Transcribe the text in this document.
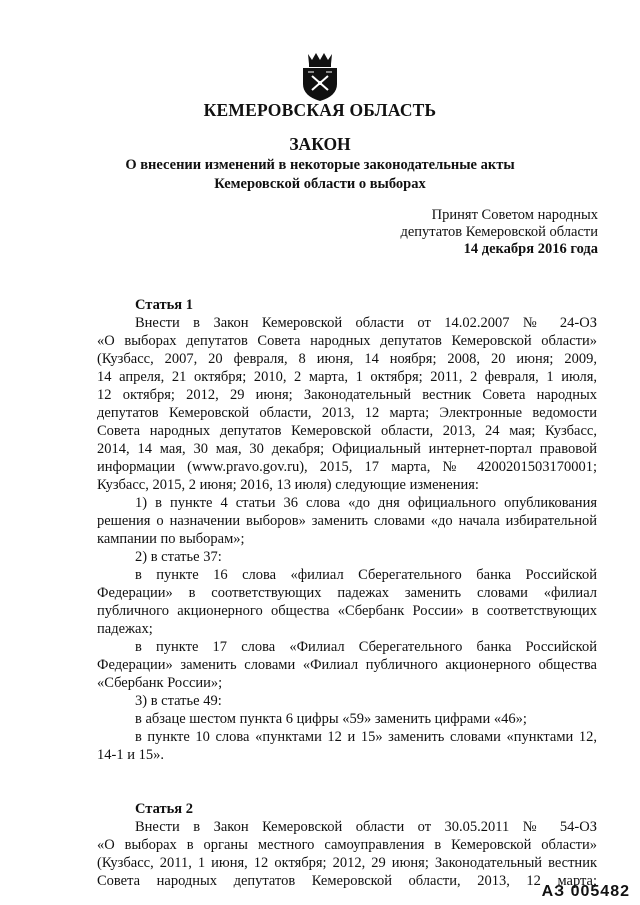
КЕМЕРОВСКАЯ ОБЛАСТЬ
ЗАКОН
О внесении изменений в некоторые законодательные акты
Кемеровской области о выборах
Принят Советом народных
депутатов Кемеровской области
14 декабря 2016 года
Статья 1
Внести в Закон Кемеровской области от 14.02.2007 № 24-ОЗ
«О выборах депутатов Совета народных депутатов Кемеровской области»
(Кузбасс, 2007, 20 февраля, 8 июня, 14 ноября; 2008, 20 июня; 2009,
14 апреля, 21 октября; 2010, 2 марта, 1 октября; 2011, 2 февраля, 1 июля,
12 октября; 2012, 29 июня; Законодательный вестник Совета народных
депутатов Кемеровской области, 2013, 12 марта; Электронные ведомости
Совета народных депутатов Кемеровской области, 2013, 24 мая; Кузбасс,
2014, 14 мая, 30 мая, 30 декабря; Официальный интернет-портал правовой
информации (www.pravo.gov.ru), 2015, 17 марта, № 4200201503170001;
Кузбасс, 2015, 2 июня; 2016, 13 июля) следующие изменения:
1) в пункте 4 статьи 36 слова «до дня официального опубликования
решения о назначении выборов» заменить словами «до начала избирательной
кампании по выборам»;
2) в статье 37:
в пункте 16 слова «филиал Сберегательного банка Российской
Федерации» в соответствующих падежах заменить словами «филиал
публичного акционерного общества «Сбербанк России» в соответствующих
падежах;
в пункте 17 слова «Филиал Сберегательного банка Российской
Федерации» заменить словами «Филиал публичного акционерного общества
«Сбербанк России»;
3) в статье 49:
в абзаце шестом пункта 6 цифры «59» заменить цифрами «46»;
в пункте 10 слова «пунктами 12 и 15» заменить словами «пунктами 12,
14-1 и 15».
Статья 2
Внести в Закон Кемеровской области от 30.05.2011 № 54-ОЗ
«О выборах в органы местного самоуправления в Кемеровской области»
(Кузбасс, 2011, 1 июня, 12 октября; 2012, 29 июня; Законодательный вестник
Совета народных депутатов Кемеровской области, 2013, 12 марта;
АЗ 005482
